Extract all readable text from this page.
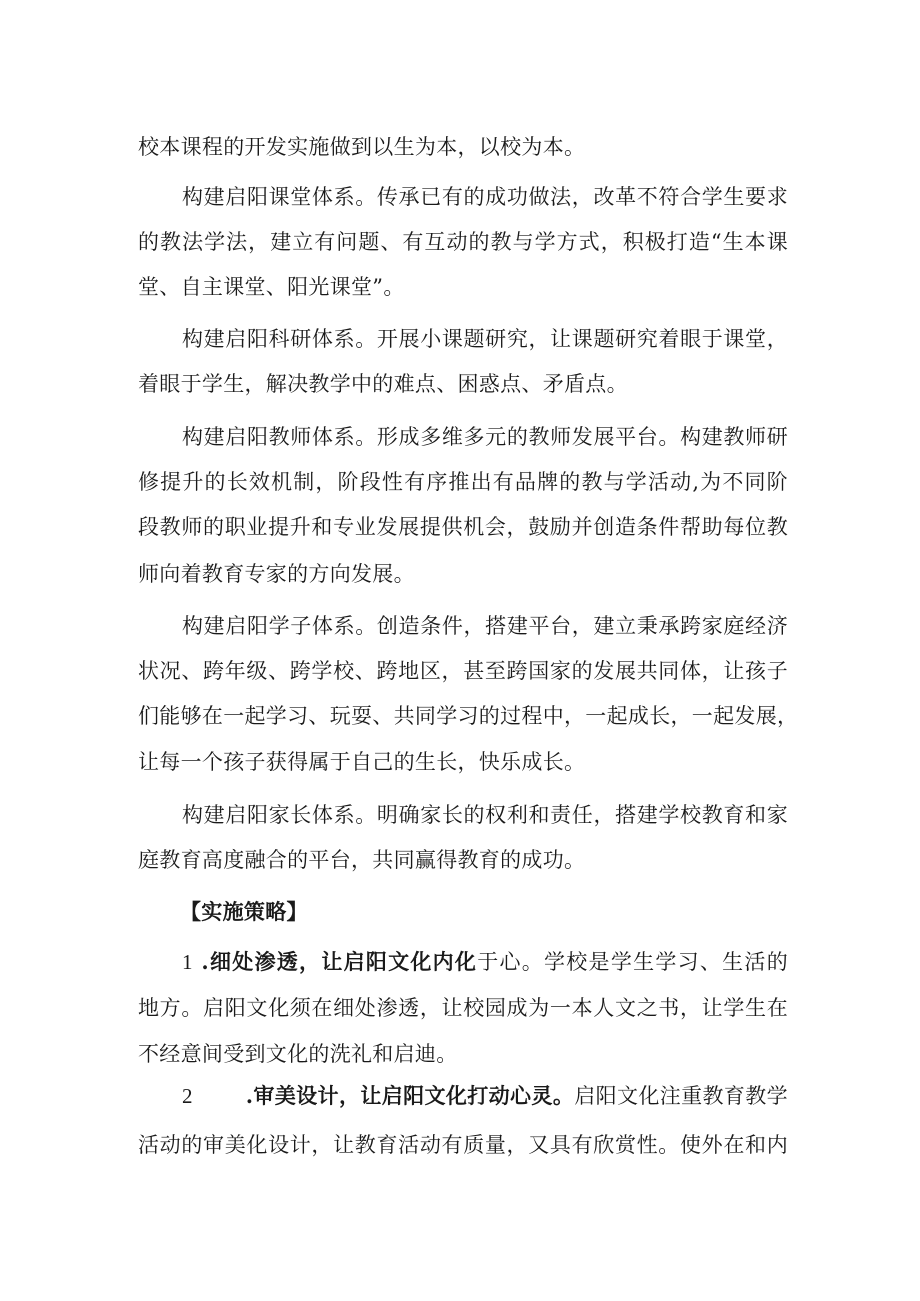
校本课程的开发实施做到以生为本，以校为本。
构建启阳课堂体系。传承已有的成功做法，改革不符合学生要求
的教法学法，建立有问题、有互动的教与学方式，积极打造“生本课
堂、自主课堂、阳光课堂”。
构建启阳科研体系。开展小课题研究，让课题研究着眼于课堂，
着眼于学生，解决教学中的难点、困惑点、矛盾点。
构建启阳教师体系。形成多维多元的教师发展平台。构建教师研
修提升的长效机制，阶段性有序推出有品牌的教与学活动,为不同阶
段教师的职业提升和专业发展提供机会，鼓励并创造条件帮助每位教
师向着教育专家的方向发展。
构建启阳学子体系。创造条件，搭建平台，建立秉承跨家庭经济
状况、跨年级、跨学校、跨地区，甚至跨国家的发展共同体，让孩子
们能够在一起学习、玩耍、共同学习的过程中，一起成长，一起发展，
让每一个孩子获得属于自己的生长，快乐成长。
构建启阳家长体系。明确家长的权利和责任，搭建学校教育和家
庭教育高度融合的平台，共同赢得教育的成功。
【实施策略】
1 .细处渗透，让启阳文化内化于心。学校是学生学习、生活的
地方。启阳文化须在细处渗透，让校园成为一本人文之书，让学生在
不经意间受到文化的洗礼和启迪。
2 .审美设计，让启阳文化打动心灵。启阳文化注重教育教学
活动的审美化设计，让教育活动有质量，又具有欣赏性。使外在和内
